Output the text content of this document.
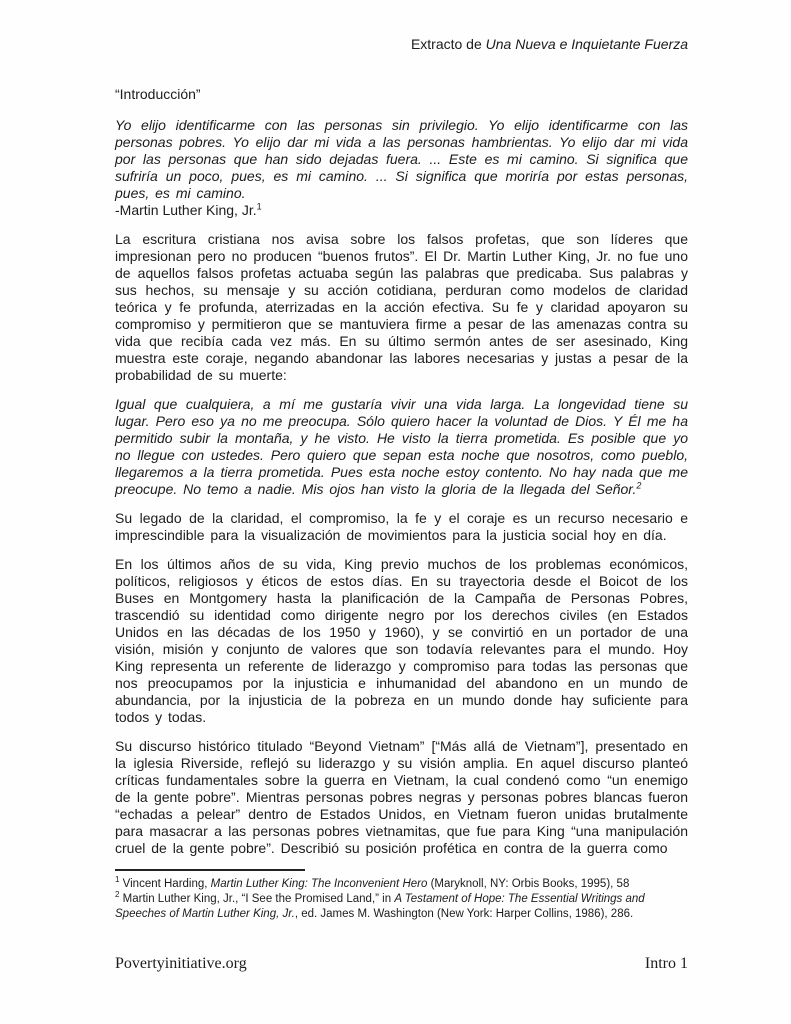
Extracto de Una Nueva e Inquietante Fuerza
“Introducción”

Yo elijo identificarme con las personas sin privilegio. Yo elijo identificarme con las personas pobres. Yo elijo dar mi vida a las personas hambrientas. Yo elijo dar mi vida por las personas que han sido dejadas fuera. ... Este es mi camino. Si significa que sufriría un poco, pues, es mi camino. ... Si significa que moriría por estas personas, pues, es mi camino.

-Martin Luther King, Jr.$^1$

La escritura cristiana nos avisa sobre los falsos profetas, que son líderes que impresionan pero no producen “buenos frutos”. El Dr. Martin Luther King, Jr. no fue uno de aquellos falsos profetas actuaba según las palabras que predicaba. Sus palabras y sus hechos, su mensaje y su acción cotidiana, perduran como modelos de claridad teórica y fe profunda, aterrizadas en la acción efectiva. Su fe y claridad apoyaron su compromiso y permitieron que se mantuviera firme a pesar de las amenazas contra su vida que recibía cada vez más. En su último sermón antes de ser asesinado, King muestra este coraje, negando abandonar las labores necesarias y justas a pesar de la probabilidad de su muerte:

Igual que cualquiera, a mí me gustaría vivir una vida larga. La longevidad tiene su lugar. Pero eso ya no me preocupa. Sólo quiero hacer la voluntad de Dios. Y Él me ha permitido subir la montaña, y he visto. He visto la tierra prometida. Es posible que yo no llegue con ustedes. Pero quiero que sepan esta noche que nosotros, como pueblo, llegaremos a la tierra prometida. Pues esta noche estoy contento. No hay nada que me preocupe. No temo a nadie. Mis ojos han visto la gloria de la llegada del Señor.$^2$

Su legado de la claridad, el compromiso, la fe y el coraje es un recurso necesario e imprescindible para la visualización de movimientos para la justicia social hoy en día.

En los últimos años de su vida, King previo muchos de los problemas económicos, políticos, religiosos y éticos de estos días. En su trayectoria desde el Boicot de los Buses en Montgomery hasta la planificación de la Campaña de Personas Pobres, trascendió su identidad como dirigente negro por los derechos civiles (en Estados Unidos en las décadas de los 1950 y 1960), y se convirtió en un portador de una visión, misión y conjunto de valores que son todavía relevantes para el mundo. Hoy King representa un referente de liderazgo y compromiso para todas las personas que nos preocupamos por la injusticia e inhumanidad del abandono en un mundo de abundancia, por la injusticia de la pobreza en un mundo donde hay suficiente para todos y todas.

Su discurso histórico titulado “Beyond Vietnam” [“Más allá de Vietnam”], presentado en la iglesia Riverside, reflejó su liderazgo y su visión amplia. En aquel discurso planteó críticas fundamentales sobre la guerra en Vietnam, la cual condenó como “un enemigo de la gente pobre”. Mientras personas pobres negras y personas pobres blancas fueron “echadas a pelear” dentro de Estados Unidos, en Vietnam fueron unidas brutalmente para masacrar a las personas pobres vietnamitas, que fue para King “una manipulación cruel de la gente pobre”. Describió su posición profética en contra de la guerra como

$^1$ Vincent Harding, Martin Luther King: The Inconvenient Hero (Maryknoll, NY: Orbis Books, 1995), 58
$^2$ Martin Luther King, Jr., “I See the Promised Land,” in A Testament of Hope: The Essential Writings and Speeches of Martin Luther King, Jr., ed. James M. Washington (New York: Harper Collins, 1986), 286.
Povertyinitiative.org	Intro 1
